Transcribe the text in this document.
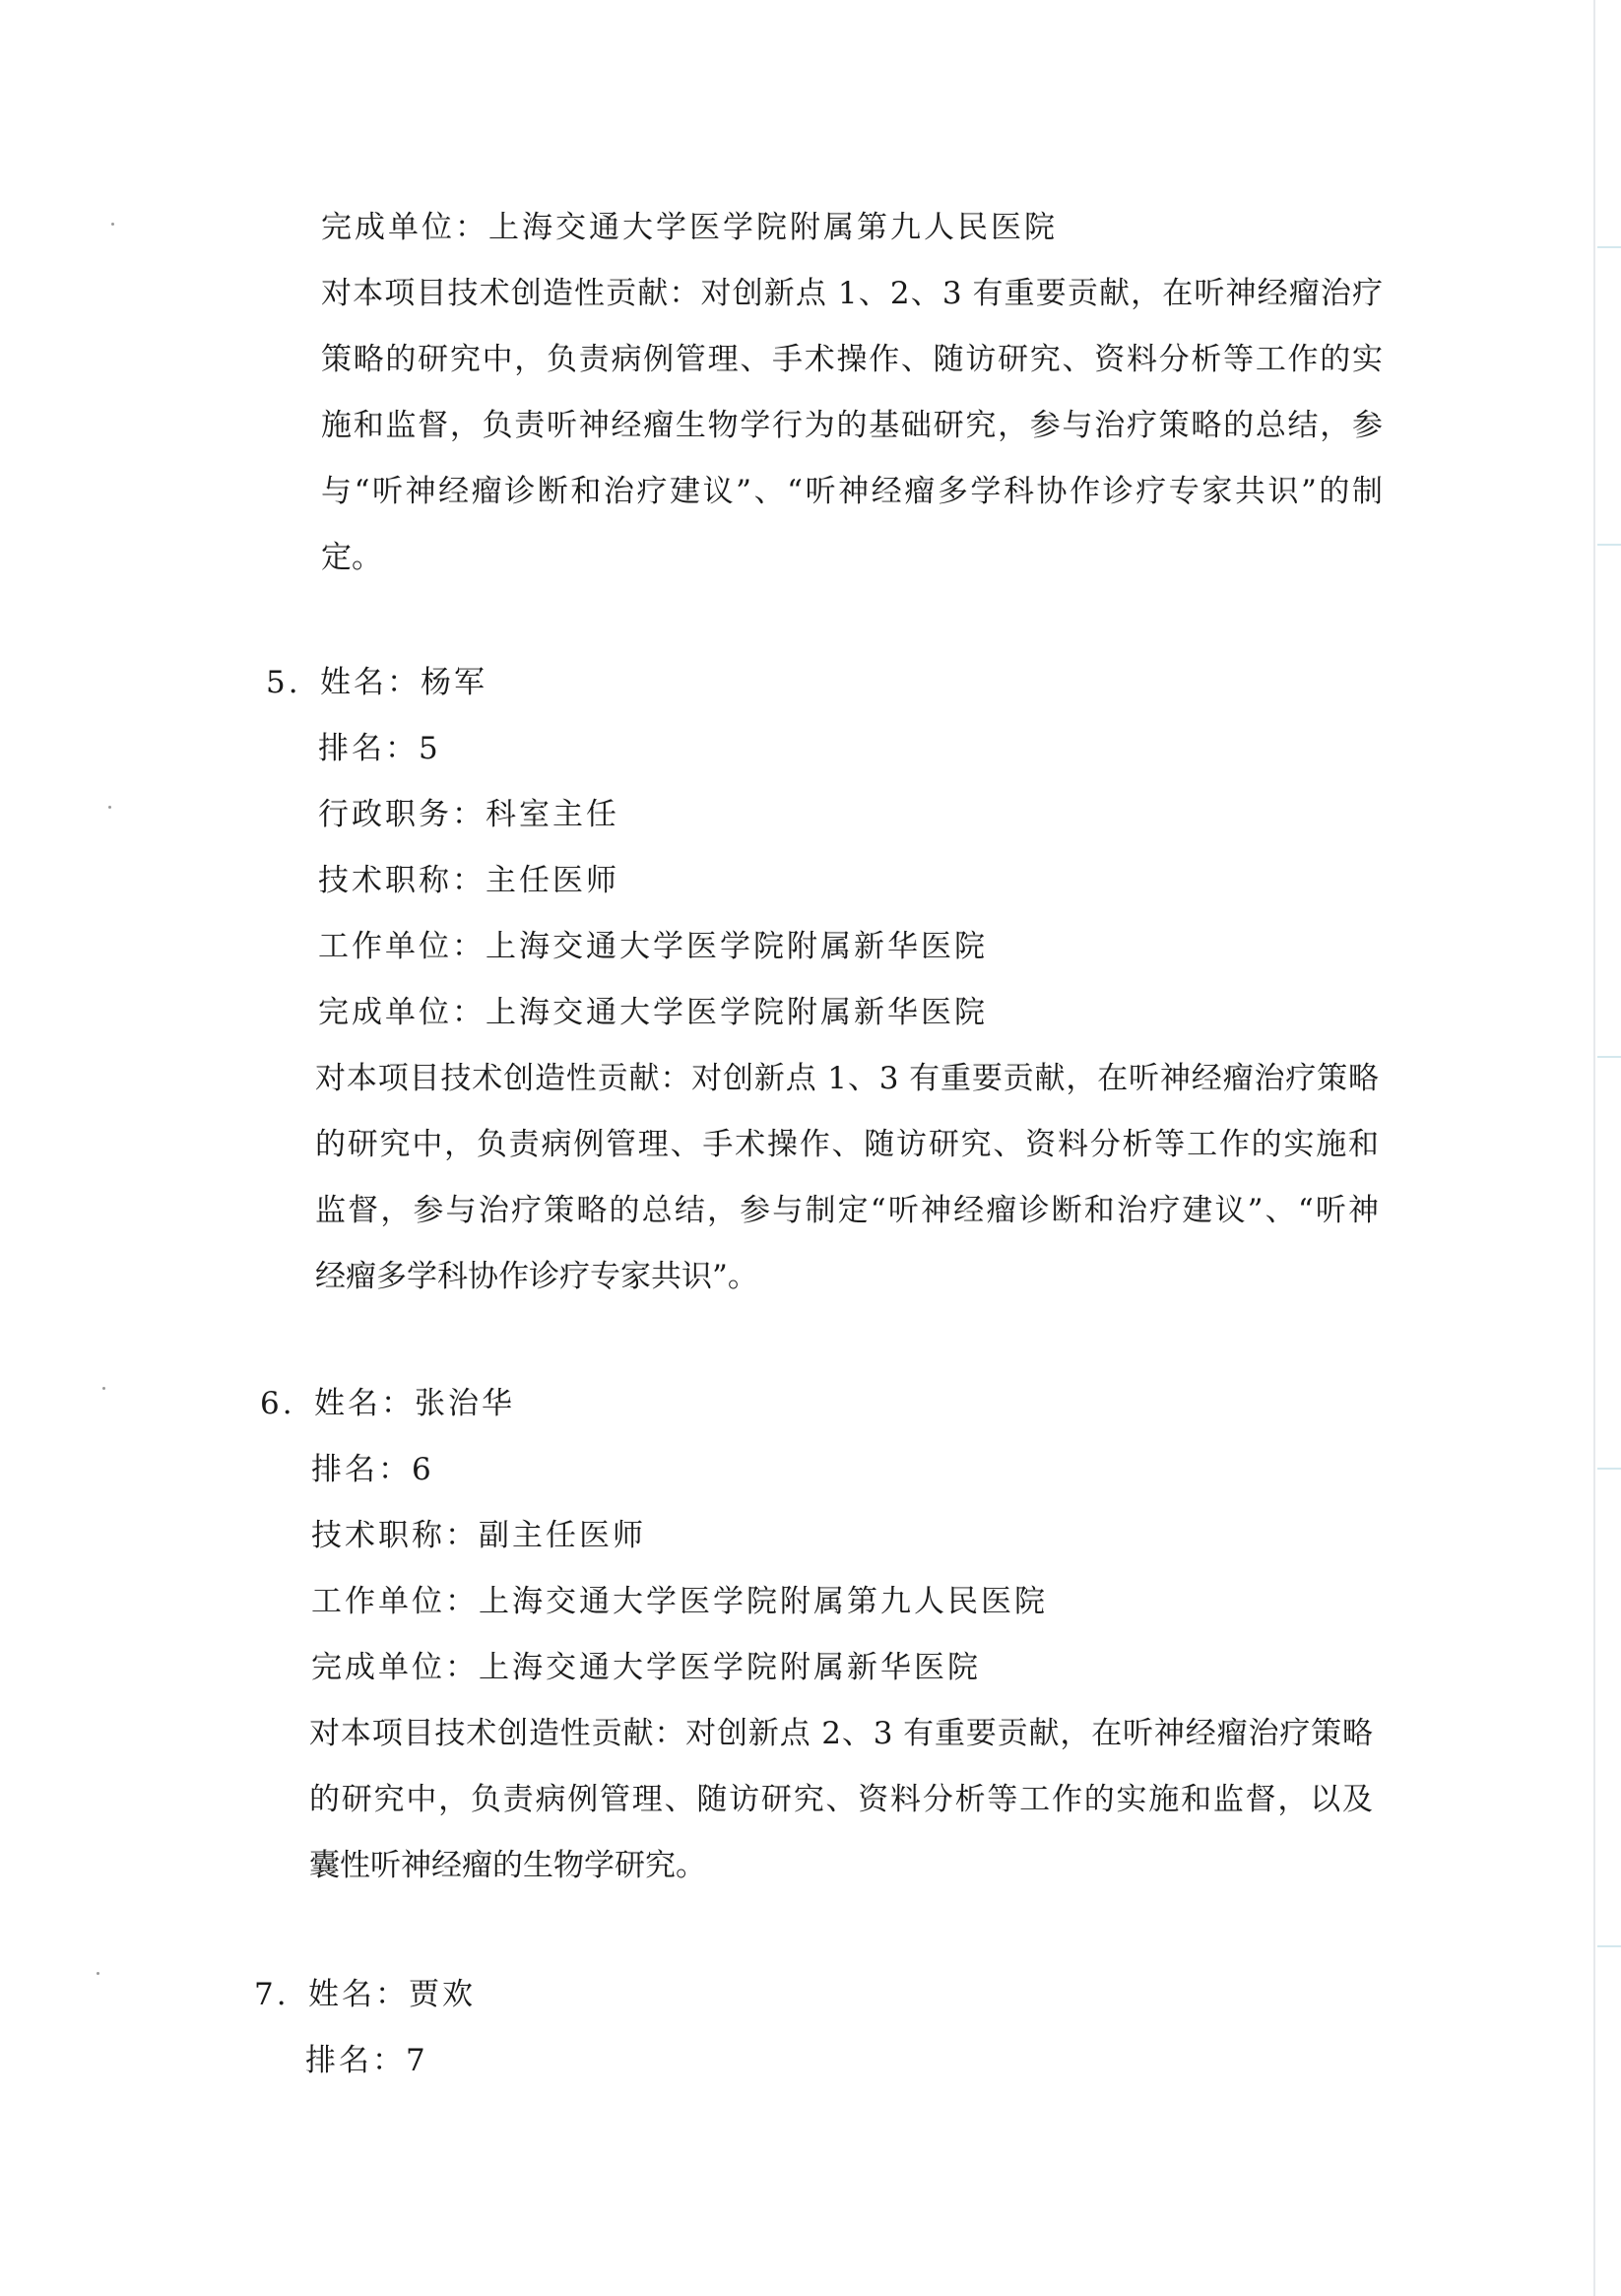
完成单位：上海交通大学医学院附属第九人民医院

对本项目技术创造性贡献：对创新点 1、2、3 有重要贡献，在听神经瘤治疗
策略的研究中，负责病例管理、手术操作、随访研究、资料分析等工作的实
施和监督，负责听神经瘤生物学行为的基础研究，参与治疗策略的总结，参
与“听神经瘤诊断和治疗建议”、“听神经瘤多学科协作诊疗专家共识”的制
定。

5. 姓名：杨军

排名：5

行政职务：科室主任

技术职称：主任医师

工作单位：上海交通大学医学院附属新华医院

完成单位：上海交通大学医学院附属新华医院

对本项目技术创造性贡献：对创新点 1、3 有重要贡献，在听神经瘤治疗策略
的研究中，负责病例管理、手术操作、随访研究、资料分析等工作的实施和
监督，参与治疗策略的总结，参与制定“听神经瘤诊断和治疗建议”、“听神
经瘤多学科协作诊疗专家共识”。

6. 姓名：张治华

排名：6

技术职称：副主任医师

工作单位：上海交通大学医学院附属第九人民医院

完成单位：上海交通大学医学院附属新华医院

对本项目技术创造性贡献：对创新点 2、3 有重要贡献，在听神经瘤治疗策略
的研究中，负责病例管理、随访研究、资料分析等工作的实施和监督，以及
囊性听神经瘤的生物学研究。

7. 姓名：贾欢

排名：7
